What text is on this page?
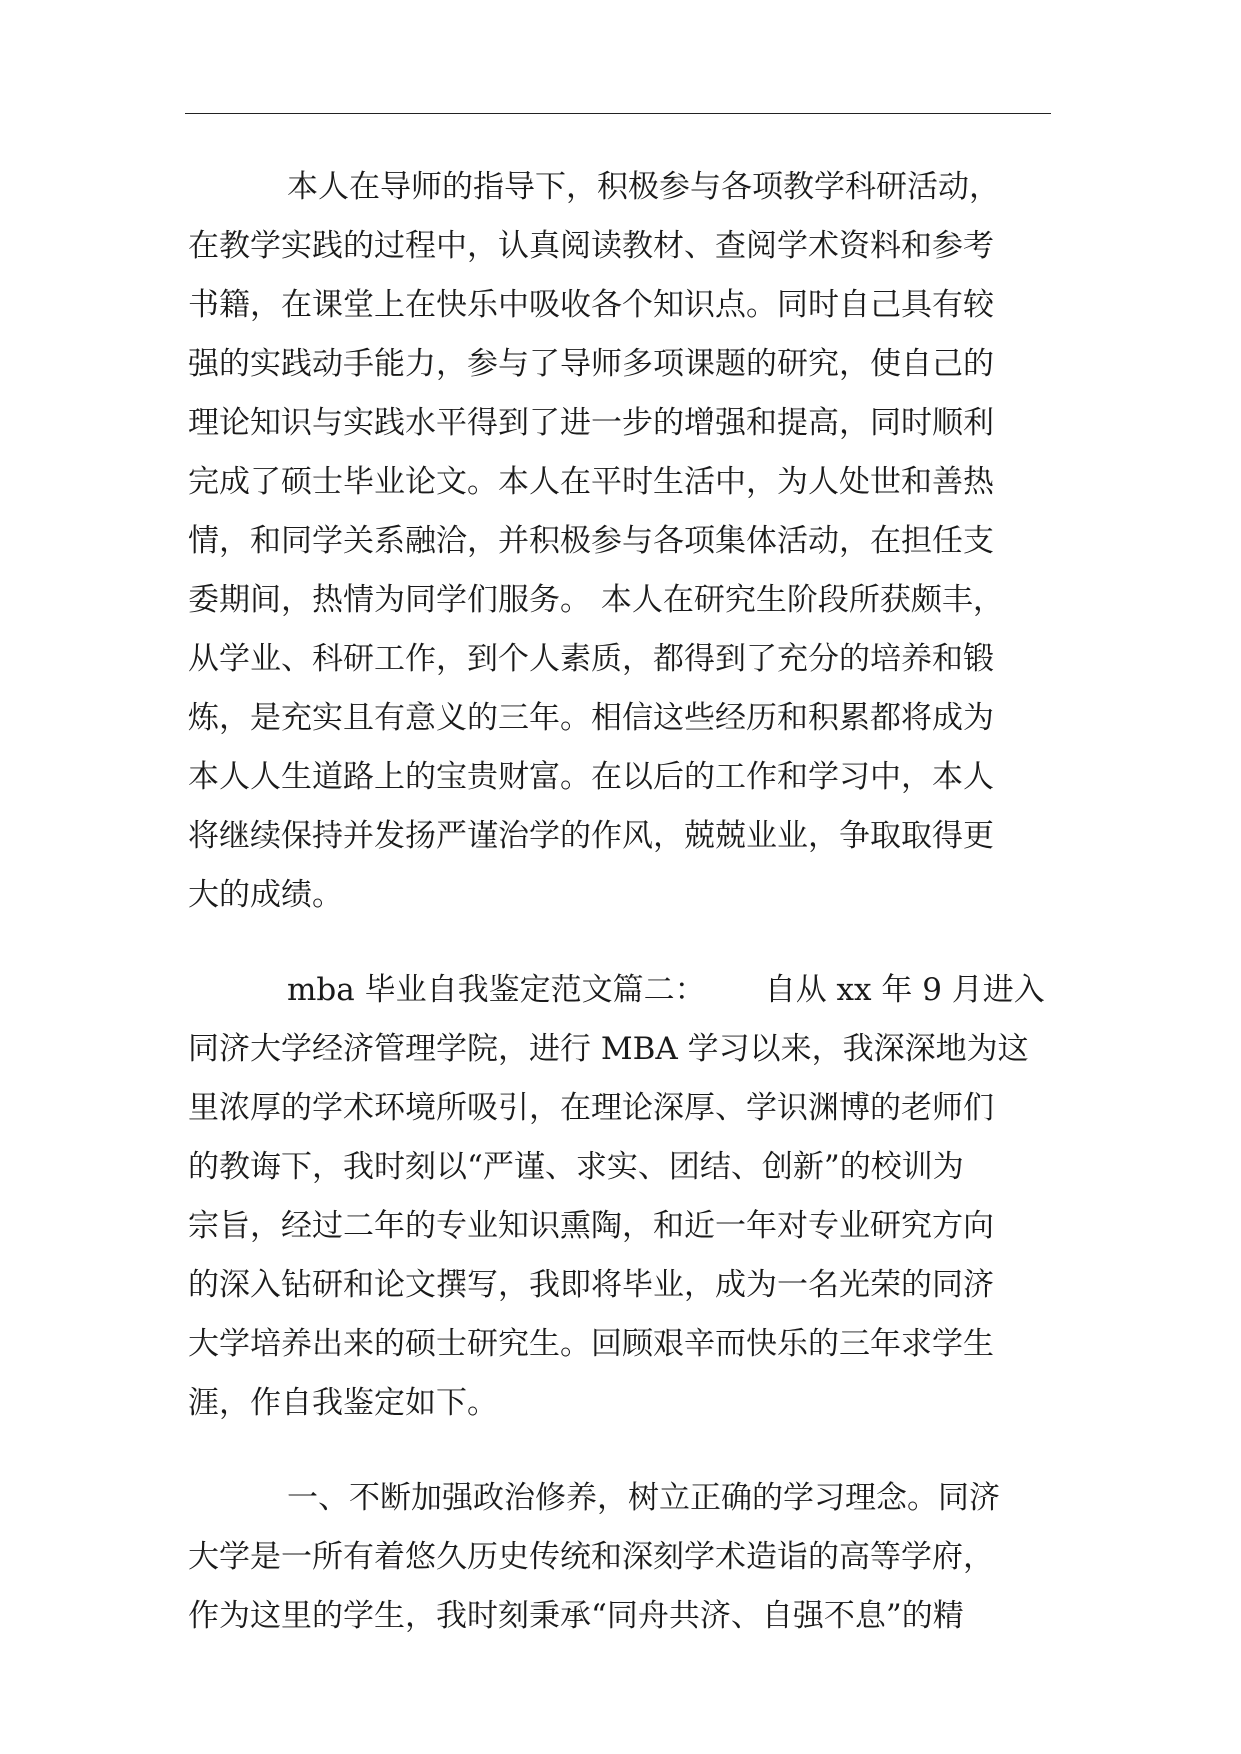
本人在导师的指导下，积极参与各项教学科研活动，
在教学实践的过程中，认真阅读教材、查阅学术资料和参考
书籍，在课堂上在快乐中吸收各个知识点。同时自己具有较
强的实践动手能力，参与了导师多项课题的研究，使自己的
理论知识与实践水平得到了进一步的增强和提高，同时顺利
完成了硕士毕业论文。本人在平时生活中，为人处世和善热
情，和同学关系融洽，并积极参与各项集体活动，在担任支
委期间，热情为同学们服务。 本人在研究生阶段所获颇丰，
从学业、科研工作，到个人素质，都得到了充分的培养和锻
炼，是充实且有意义的三年。相信这些经历和积累都将成为
本人人生道路上的宝贵财富。在以后的工作和学习中，本人
将继续保持并发扬严谨治学的作风，兢兢业业，争取取得更
大的成绩。
mba 毕业自我鉴定范文篇二：      自从 xx 年 9 月进入
同济大学经济管理学院，进行 MBA 学习以来，我深深地为这
里浓厚的学术环境所吸引，在理论深厚、学识渊博的老师们
的教诲下，我时刻以“严谨、求实、团结、创新”的校训为
宗旨，经过二年的专业知识熏陶，和近一年对专业研究方向
的深入钻研和论文撰写，我即将毕业，成为一名光荣的同济
大学培养出来的硕士研究生。回顾艰辛而快乐的三年求学生
涯，作自我鉴定如下。
一、不断加强政治修养，树立正确的学习理念。同济
大学是一所有着悠久历史传统和深刻学术造诣的高等学府，
作为这里的学生，我时刻秉承“同舟共济、自强不息”的精
